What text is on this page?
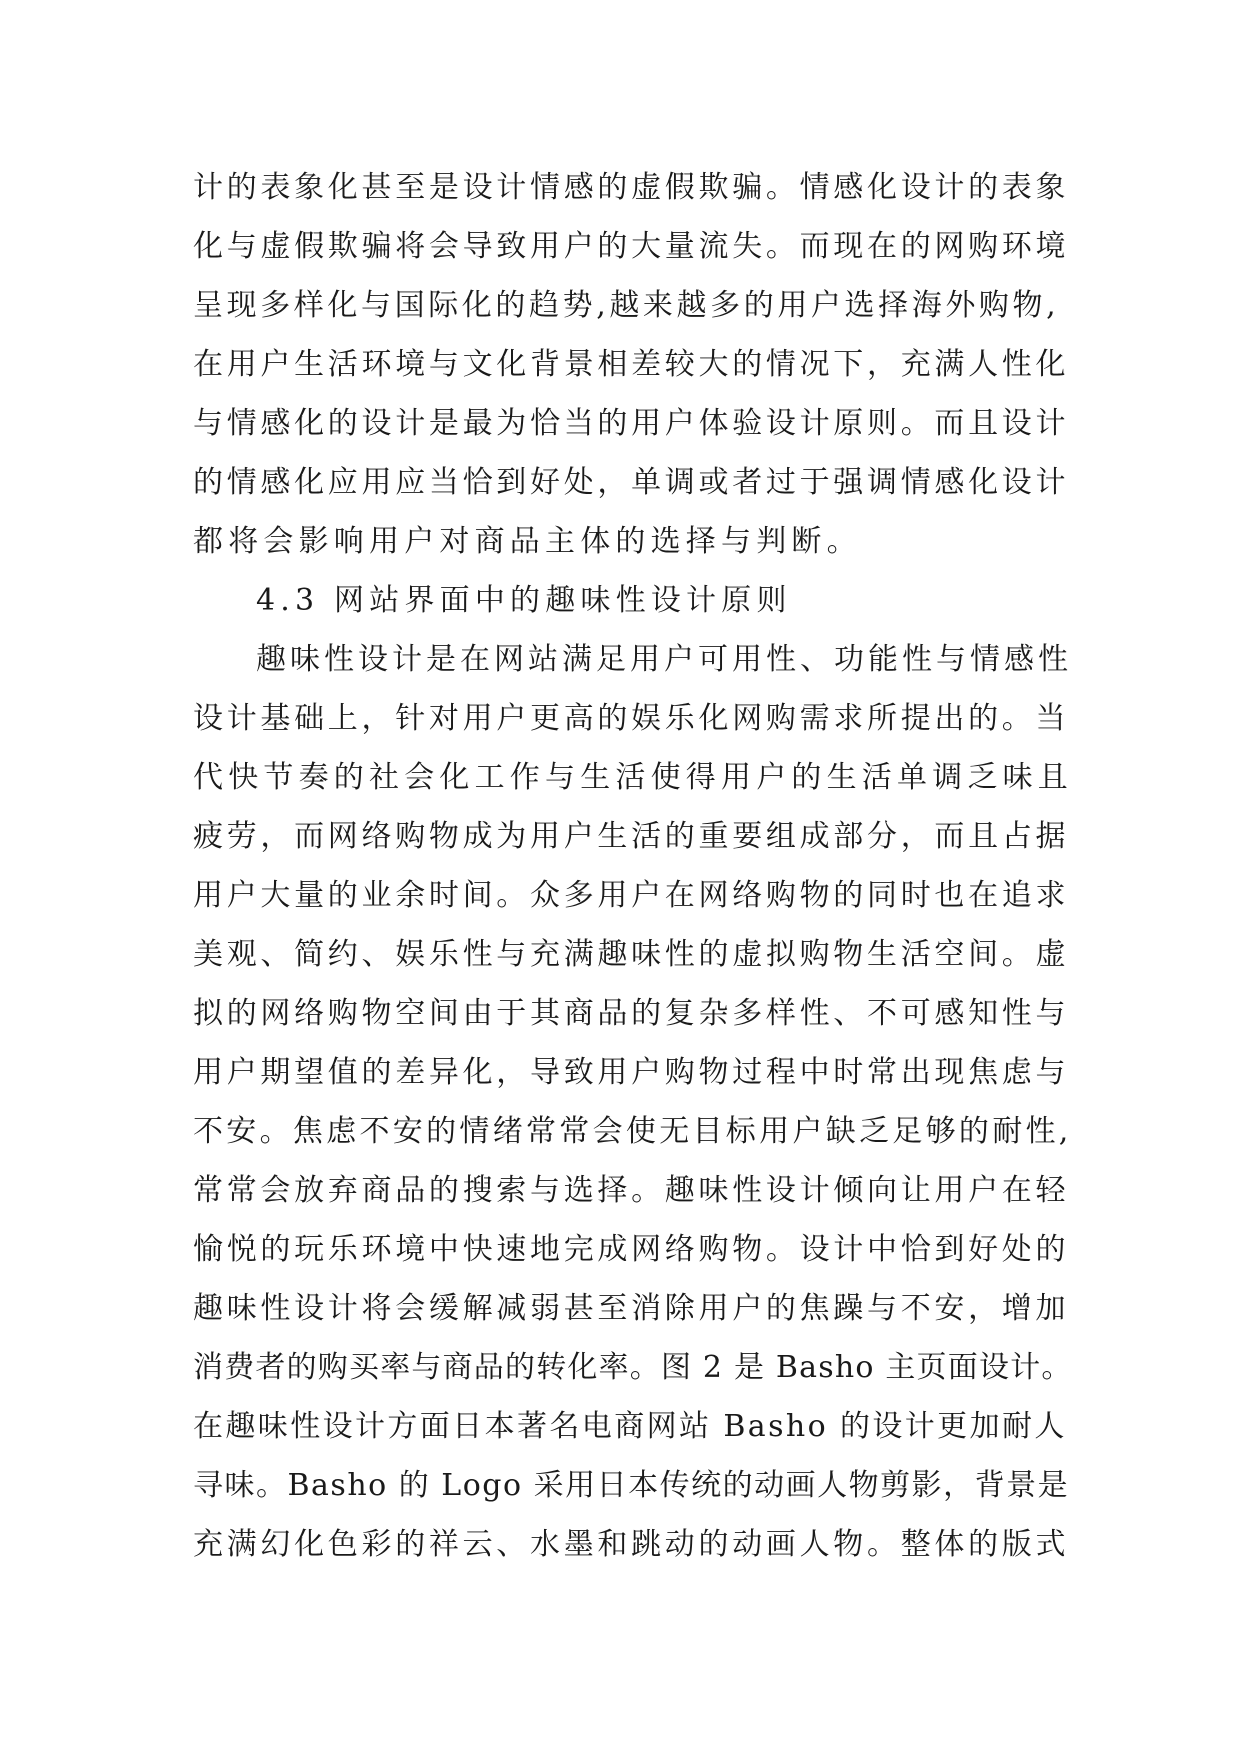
计的表象化甚至是设计情感的虚假欺骗。情感化设计的表象
化与虚假欺骗将会导致用户的大量流失。而现在的网购环境
呈现多样化与国际化的趋势,越来越多的用户选择海外购物,
在用户生活环境与文化背景相差较大的情况下，充满人性化
与情感化的设计是最为恰当的用户体验设计原则。而且设计
的情感化应用应当恰到好处，单调或者过于强调情感化设计
都将会影响用户对商品主体的选择与判断。
4.3 网站界面中的趣味性设计原则
趣味性设计是在网站满足用户可用性、功能性与情感性
设计基础上，针对用户更高的娱乐化网购需求所提出的。当
代快节奏的社会化工作与生活使得用户的生活单调乏味且
疲劳，而网络购物成为用户生活的重要组成部分，而且占据
用户大量的业余时间。众多用户在网络购物的同时也在追求
美观、简约、娱乐性与充满趣味性的虚拟购物生活空间。虚
拟的网络购物空间由于其商品的复杂多样性、不可感知性与
用户期望值的差异化，导致用户购物过程中时常出现焦虑与
不安。焦虑不安的情绪常常会使无目标用户缺乏足够的耐性,
常常会放弃商品的搜索与选择。趣味性设计倾向让用户在轻
愉悦的玩乐环境中快速地完成网络购物。设计中恰到好处的
趣味性设计将会缓解减弱甚至消除用户的焦躁与不安，增加
消费者的购买率与商品的转化率。图 2 是 Basho 主页面设计。
在趣味性设计方面日本著名电商网站 Basho 的设计更加耐人
寻味。Basho 的 Logo 采用日本传统的动画人物剪影，背景是
充满幻化色彩的祥云、水墨和跳动的动画人物。整体的版式
